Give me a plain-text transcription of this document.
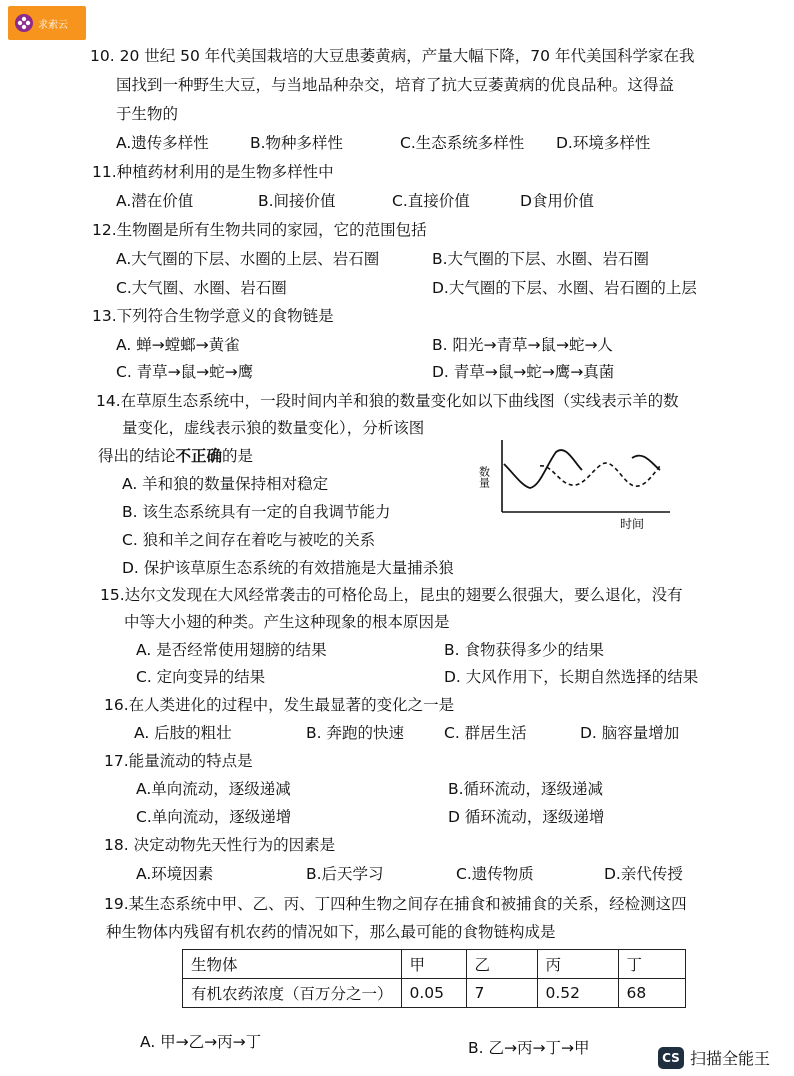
求索云
10. 20 世纪 50 年代美国栽培的大豆患萎黄病，产量大幅下降，70 年代美国科学家在我
国找到一种野生大豆，与当地品种杂交，培育了抗大豆萎黄病的优良品种。这得益
于生物的
A.遗传多样性	B.物种多样性	C.生态系统多样性 D.环境多样性
11.种植药材利用的是生物多样性中
A.潜在价值	B.间接价值	C.直接价值	D食用价值
12.生物圈是所有生物共同的家园，它的范围包括
A.大气圈的下层、水圈的上层、岩石圈	B.大气圈的下层、水圈、岩石圈
C.大气圈、水圈、岩石圈	D.大气圈的下层、水圈、岩石圈的上层
13.下列符合生物学意义的食物链是
A. 蝉→螳螂→黄雀	B. 阳光→青草→鼠→蛇→人
C. 青草→鼠→蛇→鹰	D. 青草→鼠→蛇→鹰→真菌
14.在草原生态系统中，一段时间内羊和狼的数量变化如以下曲线图（实线表示羊的数
量变化，虚线表示狼的数量变化），分析该图
得出的结论不正确的是
A. 羊和狼的数量保持相对稳定
B. 该生态系统具有一定的自我调节能力
C. 狼和羊之间存在着吃与被吃的关系
D. 保护该草原生态系统的有效措施是大量捕杀狼
数量
时间
15.达尔文发现在大风经常袭击的可格伦岛上，昆虫的翅要么很强大，要么退化，没有
中等大小翅的种类。产生这种现象的根本原因是
A. 是否经常使用翅膀的结果	B. 食物获得多少的结果
C. 定向变异的结果	D. 大风作用下，长期自然选择的结果
16.在人类进化的过程中，发生最显著的变化之一是
A. 后肢的粗壮	B. 奔跑的快速	C. 群居生活	D. 脑容量增加
17.能量流动的特点是
A.单向流动，逐级递减	B.循环流动，逐级递减
C.单向流动，逐级递增	D 循环流动，逐级递增
18. 决定动物先天性行为的因素是
A.环境因素	B.后天学习	C.遗传物质	D.亲代传授
19.某生态系统中甲、乙、丙、丁四种生物之间存在捕食和被捕食的关系，经检测这四
种生物体内残留有机农药的情况如下，那么最可能的食物链构成是
生物体	甲	乙	丙	丁
有机农药浓度（百万分之一）	0.05	7	0.52	68
A. 甲→乙→丙→丁	B. 乙→丙→丁→甲
CS 扫描全能王
